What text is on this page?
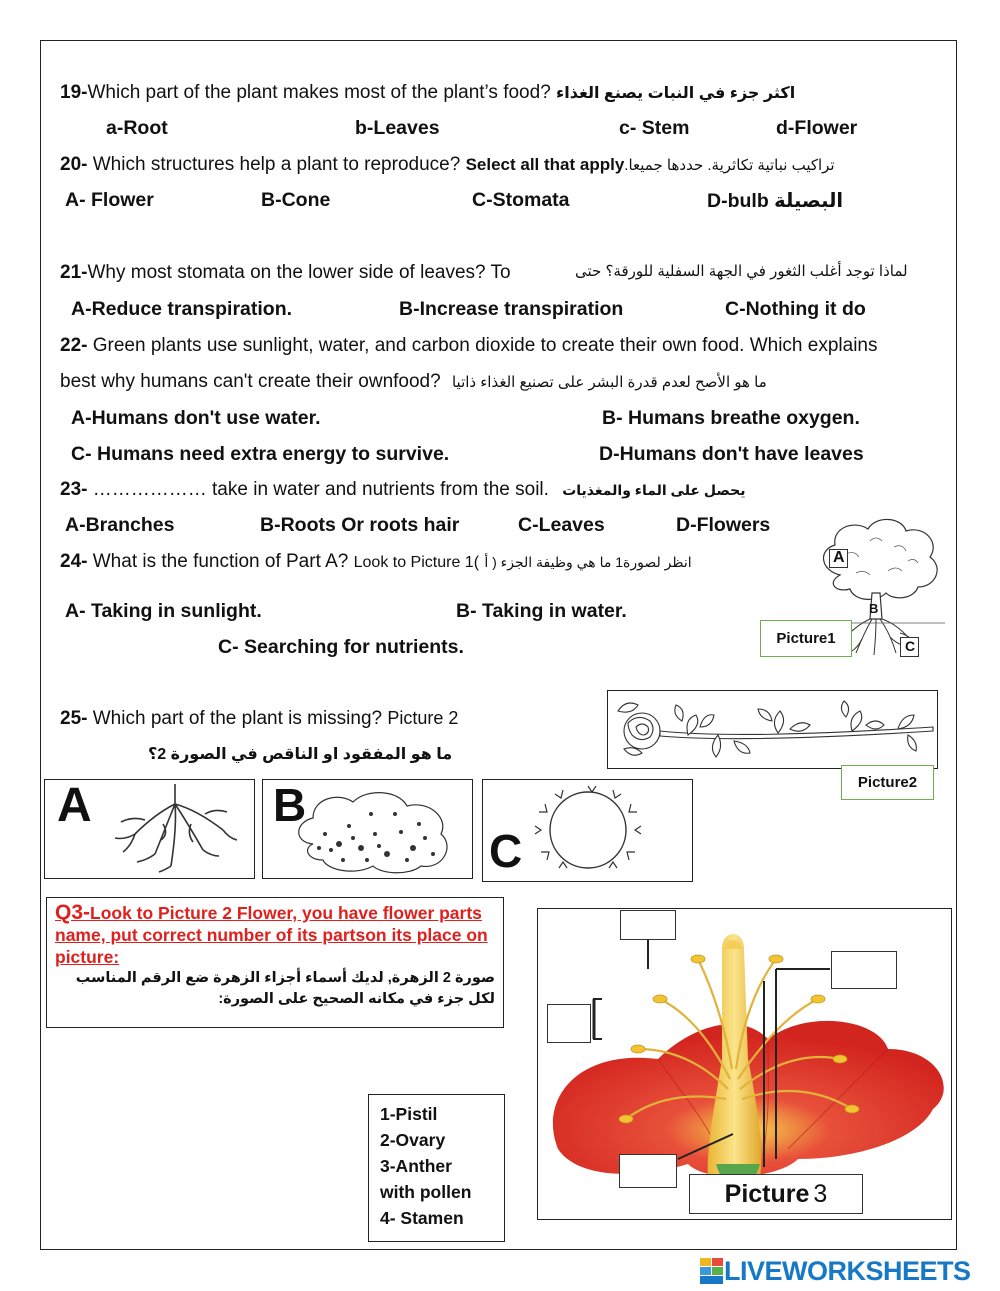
19-Which part of the plant makes most of the plant’s food? اكثر جزء في النبات يصنع الغذاء
a-Root	b-Leaves	c- Stem	d-Flower
20- Which structures help a plant to reproduce? Select all that applyتراكيب نباتية تكاثرية. حددها جميعا.
A- Flower	B-Cone	C-Stomata	D-bulb البصيلة
21-Why most stomata on the lower side of leaves? To	لماذا توجد أغلب الثغور في الجهة السفلية للورقة؟ حتى
A-Reduce transpiration.	B-Increase transpiration	C-Nothing it do
22- Green plants use sunlight, water, and carbon dioxide to create their own food. Which explains
best why humans can't create their ownfood? ما هو الأصح لعدم قدرة البشر على تصنيع الغذاء ذاتيا
A-Humans don't use water.	B- Humans breathe oxygen.
C- Humans need extra energy to survive.	D-Humans don't have leaves
23- ……………… take in water and nutrients from the soil. يحصل على الماء والمغذيات
A-Branches	B-Roots Or roots hair	C-Leaves	D-Flowers
24- What is the function of Part A? Look to Picture 1( انظر لصورة1 ما هي وظيفة الجزء ( أ
A- Taking in sunlight.	B- Taking in water.
C- Searching for nutrients.
A
B
C
Picture1
25- Which part of the plant is missing? Picture 2
ما هو المفقود او الناقص في الصورة 2؟
Picture2
A	B
C
Q3-Look to Picture 2 Flower, you have flower parts name, put correct number of its partson its place on picture:
صورة 2 الزهرة, لديك أسماء أجزاء الزهرة ضع الرقم المناسب لكل جزء في مكانه الصحيح على الصورة:
1-Pistil
2-Ovary
3-Anther
with pollen
4- Stamen
Picture 3
LIVEWORKSHEETS
